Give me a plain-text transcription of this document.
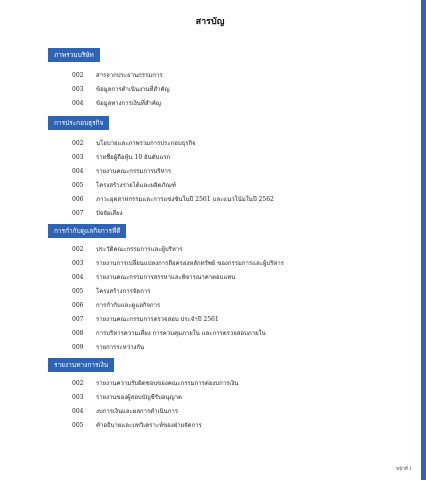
สารบัญ
ภาพรวมบริษัท
002 สารจากประธานกรรมการ
003 ข้อมูลการดำเนินงานที่สำคัญ
004 ข้อมูลทางการเงินที่สำคัญ
การประกอบธุรกิจ
002 นโยบายและภาพรวมการประกอบธุรกิจ
003 รายชื่อผู้ถือหุ้น 10 อันดับแรก
004 รายงานคณะกรรมการบริหาร
005 โครงสร้างรายได้และผลิตภัณฑ์
006 ภาวะอุตสาหกรรมและการแข่งขันในปี 2561 และแนวโน้มในปี 2562
007 ปัจจัยเสี่ยง
การกำกับดูแลกิจการที่ดี
002 ประวัติคณะกรรมการและผู้บริหาร
003 รายงานการเปลี่ยนแปลงการถือครองหลักทรัพย์ ของกรรมการและผู้บริหาร
004 รายงานคณะกรรมการสรรหาและพิจารณาค่าตอบแทน
005 โครงสร้างการจัดการ
006 การกำกับและดูแลกิจการ
007 รายงานคณะกรรมการตรวจสอบ ประจำปี 2561
008 การบริหารความเสี่ยง การควบคุมภายใน และการตรวจสอบภายใน
009 รายการระหว่างกัน
รายงานทางการเงิน
002 รายงานความรับผิดชอบของคณะกรรมการต่องบการเงิน
003 รายงานของผู้สอบบัญชีรับอนุญาต
004 งบการเงินและผลการดำเนินการ
005 คำอธิบายและบทวิเคราะห์ของฝ่ายจัดการ
หน้าที่ 1
